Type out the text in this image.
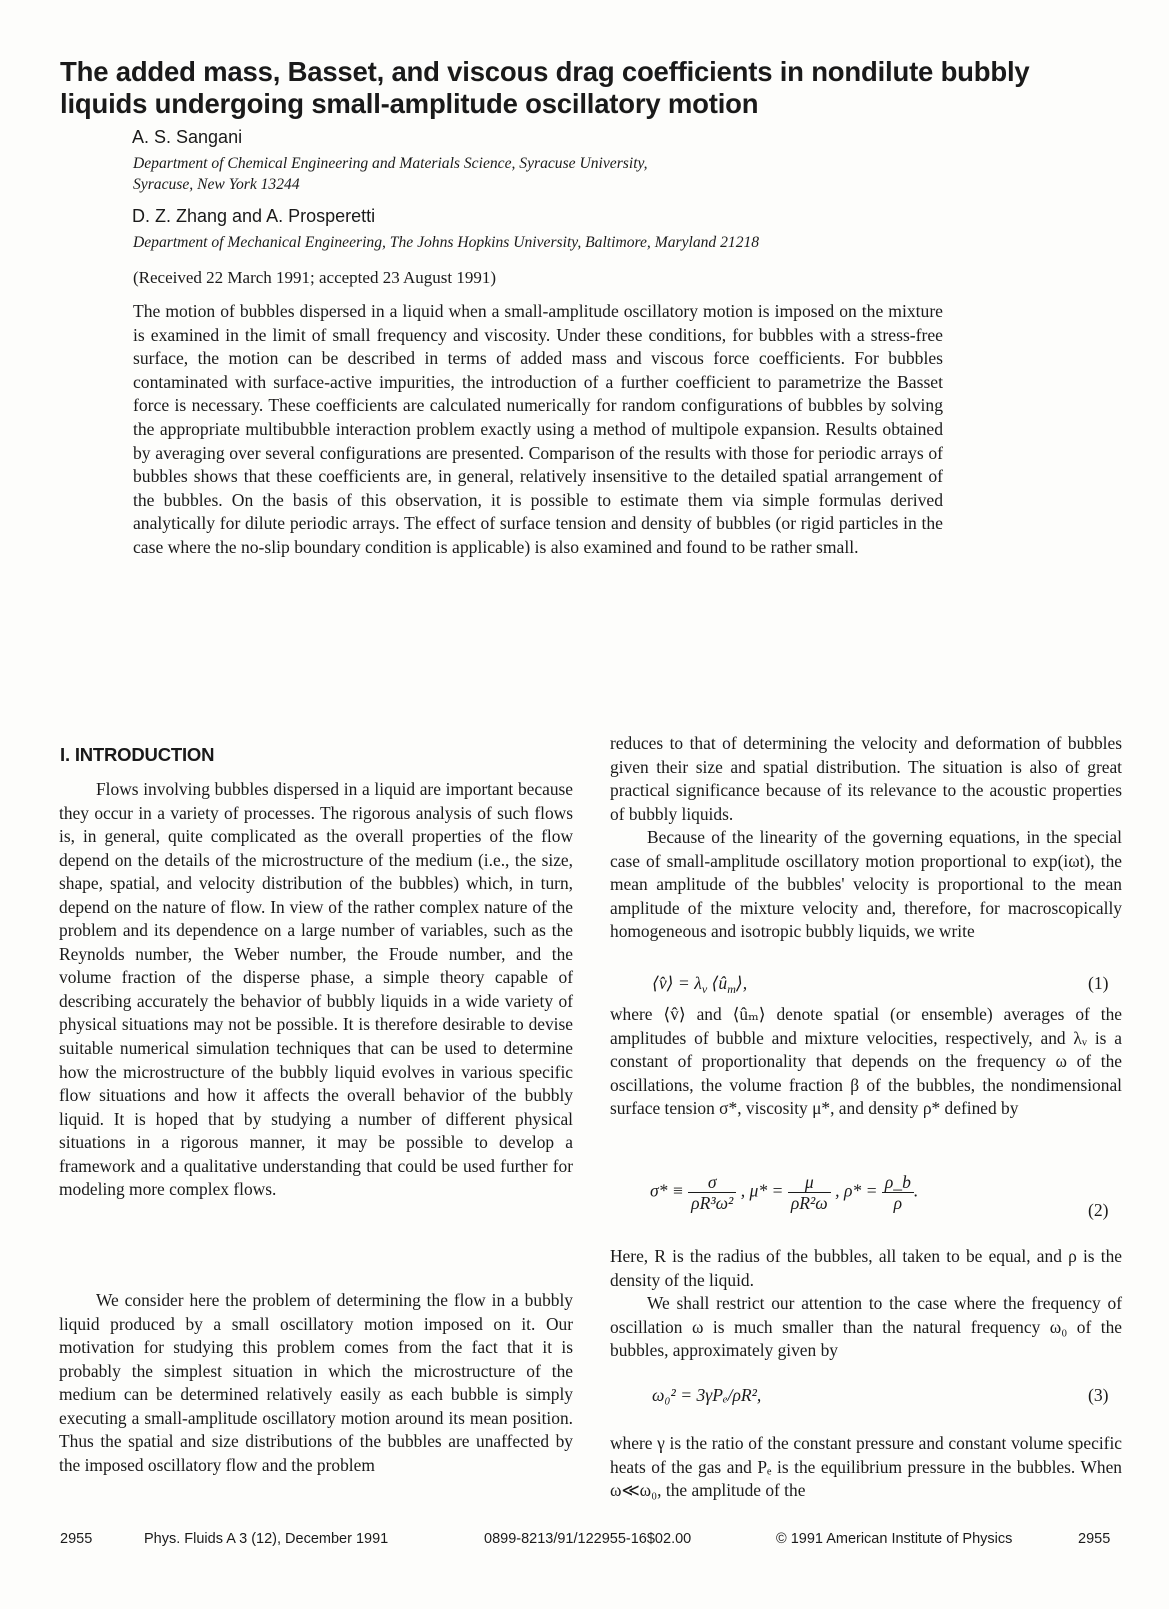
The added mass, Basset, and viscous drag coefficients in nondilute bubbly
liquids undergoing small-amplitude oscillatory motion
A. S. Sangani
Department of Chemical Engineering and Materials Science, Syracuse University,
Syracuse, New York 13244
D. Z. Zhang and A. Prosperetti
Department of Mechanical Engineering, The Johns Hopkins University, Baltimore, Maryland 21218
(Received 22 March 1991; accepted 23 August 1991)

The motion of bubbles dispersed in a liquid when a small-amplitude oscillatory motion is imposed on the mixture is examined in the limit of small frequency and viscosity. Under these conditions, for bubbles with a stress-free surface, the motion can be described in terms of added mass and viscous force coefficients. For bubbles contaminated with surface-active impurities, the introduction of a further coefficient to parametrize the Basset force is necessary. These coefficients are calculated numerically for random configurations of bubbles by solving the appropriate multibubble interaction problem exactly using a method of multipole expansion. Results obtained by averaging over several configurations are presented. Comparison of the results with those for periodic arrays of bubbles shows that these coefficients are, in general, relatively insensitive to the detailed spatial arrangement of the bubbles. On the basis of this observation, it is possible to estimate them via simple formulas derived analytically for dilute periodic arrays. The effect of surface tension and density of bubbles (or rigid particles in the case where the no-slip boundary condition is applicable) is also examined and found to be rather small.

I. INTRODUCTION

Flows involving bubbles dispersed in a liquid are important because they occur in a variety of processes. The rigorous analysis of such flows is, in general, quite complicated as the overall properties of the flow depend on the details of the microstructure of the medium (i.e., the size, shape, spatial, and velocity distribution of the bubbles) which, in turn, depend on the nature of flow. In view of the rather complex nature of the problem and its dependence on a large number of variables, such as the Reynolds number, the Weber number, the Froude number, and the volume fraction of the disperse phase, a simple theory capable of describing accurately the behavior of bubbly liquids in a wide variety of physical situations may not be possible. It is therefore desirable to devise suitable numerical simulation techniques that can be used to determine how the microstructure of the bubbly liquid evolves in various specific flow situations and how it affects the overall behavior of the bubbly liquid. It is hoped that by studying a number of different physical situations in a rigorous manner, it may be possible to develop a framework and a qualitative understanding that could be used further for modeling more complex flows.

We consider here the problem of determining the flow in a bubbly liquid produced by a small oscillatory motion imposed on it. Our motivation for studying this problem comes from the fact that it is probably the simplest situation in which the microstructure of the medium can be determined relatively easily as each bubble is simply executing a small-amplitude oscillatory motion around its mean position. Thus the spatial and size distributions of the bubbles are unaffected by the imposed oscillatory flow and the problem

reduces to that of determining the velocity and deformation of bubbles given their size and spatial distribution. The situation is also of great practical significance because of its relevance to the acoustic properties of bubbly liquids.

Because of the linearity of the governing equations, in the special case of small-amplitude oscillatory motion proportional to exp(iωt), the mean amplitude of the bubbles' velocity is proportional to the mean amplitude of the mixture velocity and, therefore, for macroscopically homogeneous and isotropic bubbly liquids, we write

⟨v̂⟩ = $\lambda_v$ $⟨û_m⟩$,	(1)

where ⟨v̂⟩ and ⟨ûₘ⟩ denote spatial (or ensemble) averages of the amplitudes of bubble and mixture velocities, respectively, and λᵥ is a constant of proportionality that depends on the frequency ω of the oscillations, the volume fraction β of the bubbles, the nondimensional surface tension σ*, viscosity μ*, and density ρ* defined by

$\sigma* \equiv \frac{\sigma}{\text{ρR³ω²}}$ , $\mu* = \frac{\mu}{\text{ρR²ω}}$ , $\rho* = \frac{\rho\_b}{\rho}$ .
(2)

Here, R is the radius of the bubbles, all taken to be equal, and ρ is the density of the liquid.

We shall restrict our attention to the case where the frequency of oscillation ω is much smaller than the natural frequency ω₀ of the bubbles, approximately given by

ω₀² = 3γPₑ/ρR²,	(3)

where γ is the ratio of the constant pressure and constant volume specific heats of the gas and Pₑ is the equilibrium pressure in the bubbles. When ω≪ω₀, the amplitude of the

2955	Phys. Fluids A 3 (12), December 1991	0899-8213/91/122955-16$02.00	© 1991 American Institute of Physics	2955
